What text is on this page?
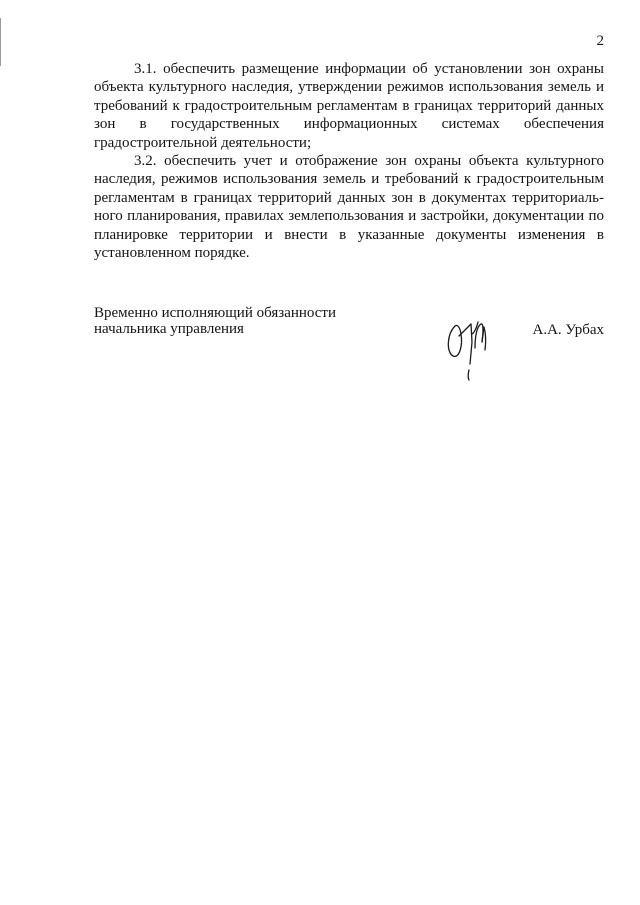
2

3.1. обеспечить размещение информации об установлении зон охраны объекта культурного наследия, утверждении режимов использования земель и требований к градостроительным регламентам в границах территорий данных зон в государственных информационных системах обеспечения градостроительной деятельности;

3.2. обеспечить учет и отображение зон охраны объекта культурного наследия, режимов использования земель и требований к градостроительным регламентам в границах территорий данных зон в документах территориального планирования, правилах землепользования и застройки, документации по планировке территории и внести в указанные документы изменения в установленном порядке.

Временно исполняющий обязанности
начальника управления	А.А. Урбах
